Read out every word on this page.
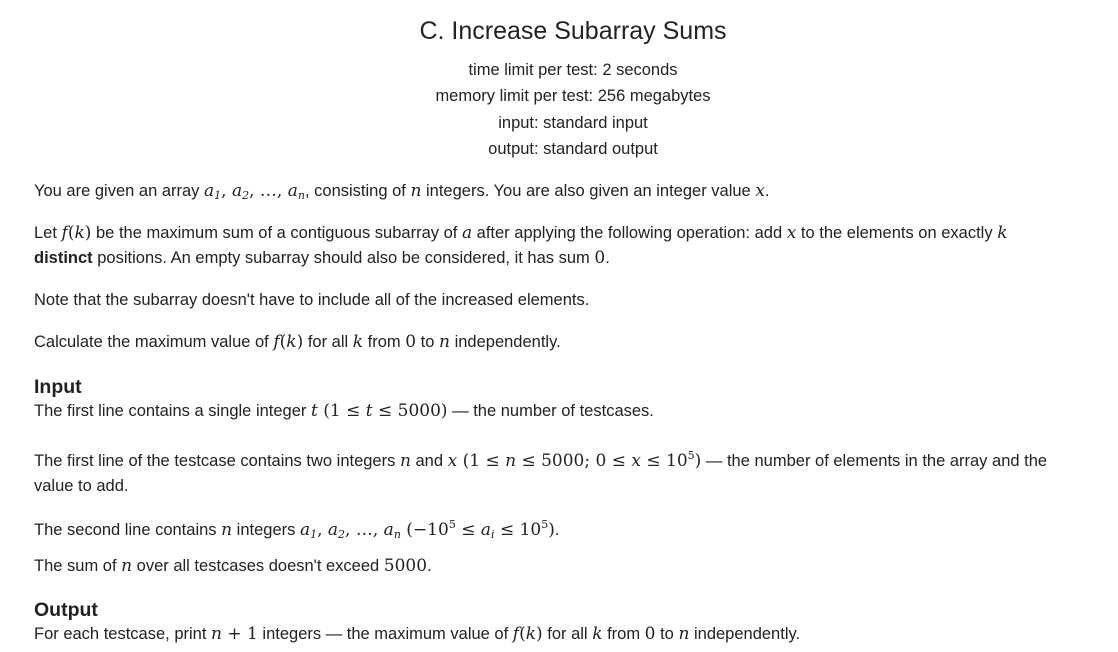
C. Increase Subarray Sums
time limit per test: 2 seconds
memory limit per test: 256 megabytes
input: standard input
output: standard output

You are given an array $a_1$, $a_2$, …, $a_n$, consisting of n integers. You are also given an integer value x.

Let f(k) be the maximum sum of a contiguous subarray of a after applying the following operation: add x to the elements on exactly k
distinct positions. An empty subarray should also be considered, it has sum 0.

Note that the subarray doesn't have to include all of the increased elements.

Calculate the maximum value of f(k) for all k from 0 to n independently.

Input

The first line contains a single integer t (1 ≤ t ≤ 5000) — the number of testcases.

The first line of the testcase contains two integers n and x (1 ≤ n ≤ 5000; $0 \le x \le 10^5$) — the number of elements in the array and the
value to add.

The second line contains n integers $a_1$, $a_2$, …, $a_n$ $(-10^5 \le a_i \le 10^5)$.

The sum of n over all testcases doesn't exceed 5000.

Output

For each testcase, print n + 1 integers — the maximum value of f(k) for all k from 0 to n independently.
